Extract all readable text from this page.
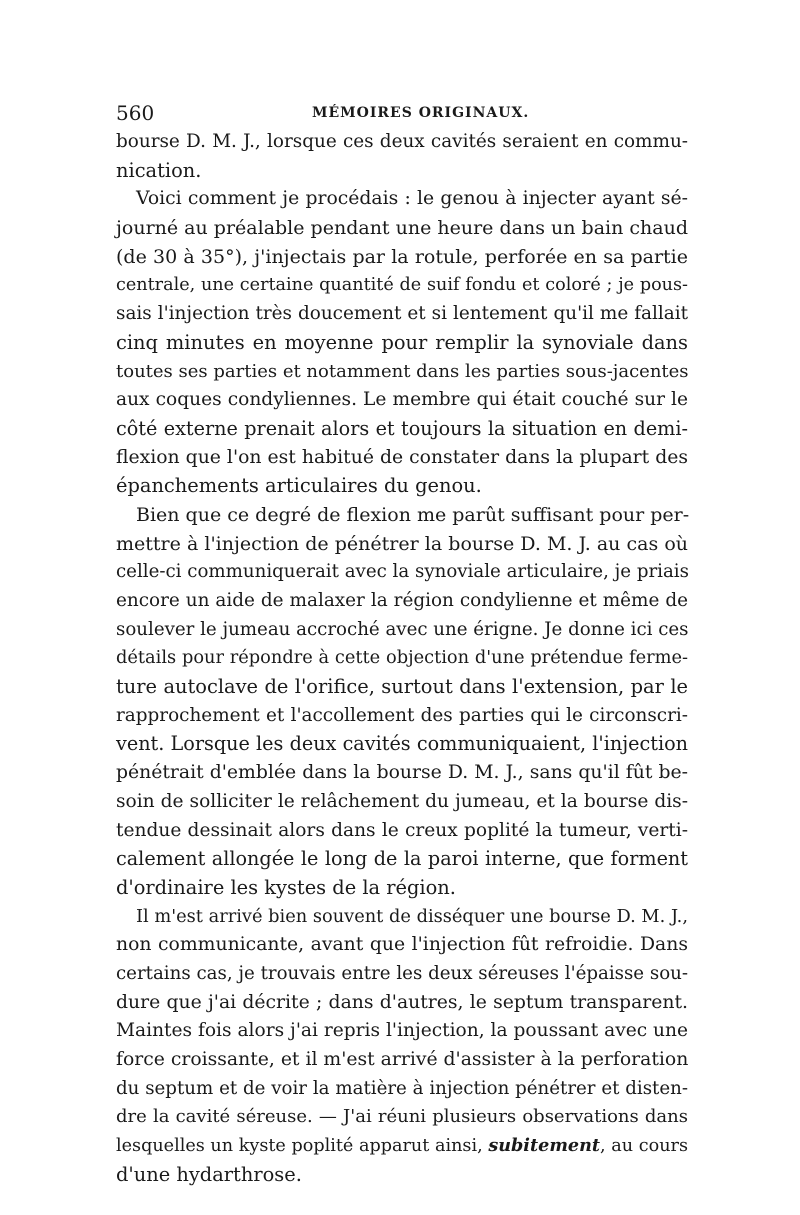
560	MÉMOIRES ORIGINAUX.
bourse D. M. J., lorsque ces deux cavités seraient en commu-
nication.
Voici comment je procédais : le genou à injecter ayant sé-
journé au préalable pendant une heure dans un bain chaud
(de 30 à 35°), j'injectais par la rotule, perforée en sa partie
centrale, une certaine quantité de suif fondu et coloré ; je pous-
sais l'injection très doucement et si lentement qu'il me fallait
cinq minutes en moyenne pour remplir la synoviale dans
toutes ses parties et notamment dans les parties sous-jacentes
aux coques condyliennes. Le membre qui était couché sur le
côté externe prenait alors et toujours la situation en demi-
flexion que l'on est habitué de constater dans la plupart des
épanchements articulaires du genou.
Bien que ce degré de flexion me parût suffisant pour per-
mettre à l'injection de pénétrer la bourse D. M. J. au cas où
celle-ci communiquerait avec la synoviale articulaire, je priais
encore un aide de malaxer la région condylienne et même de
soulever le jumeau accroché avec une érigne. Je donne ici ces
détails pour répondre à cette objection d'une prétendue ferme-
ture autoclave de l'orifice, surtout dans l'extension, par le
rapprochement et l'accollement des parties qui le circonscri-
vent. Lorsque les deux cavités communiquaient, l'injection
pénétrait d'emblée dans la bourse D. M. J., sans qu'il fût be-
soin de solliciter le relâchement du jumeau, et la bourse dis-
tendue dessinait alors dans le creux poplité la tumeur, verti-
calement allongée le long de la paroi interne, que forment
d'ordinaire les kystes de la région.
Il m'est arrivé bien souvent de disséquer une bourse D. M. J.,
non communicante, avant que l'injection fût refroidie. Dans
certains cas, je trouvais entre les deux séreuses l'épaisse sou-
dure que j'ai décrite ; dans d'autres, le septum transparent.
Maintes fois alors j'ai repris l'injection, la poussant avec une
force croissante, et il m'est arrivé d'assister à la perforation
du septum et de voir la matière à injection pénétrer et disten-
dre la cavité séreuse. — J'ai réuni plusieurs observations dans
lesquelles un kyste poplité apparut ainsi, subitement, au cours
d'une hydarthrose.
